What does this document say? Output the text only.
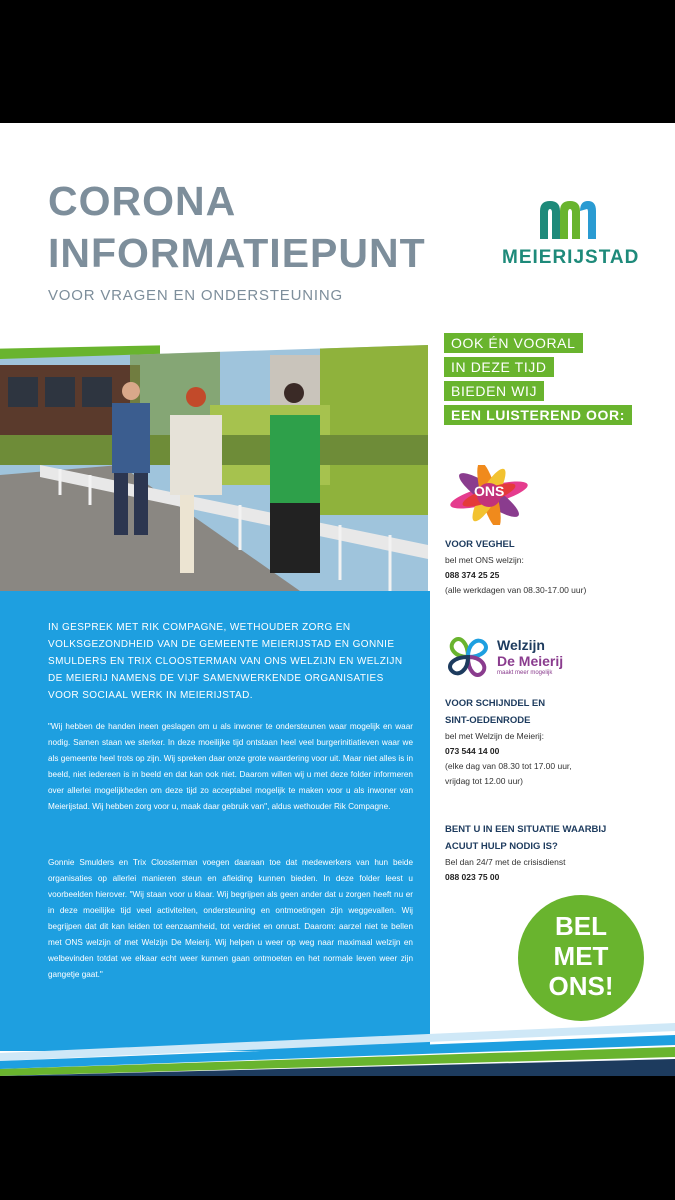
CORONA
INFORMATIEPUNT
VOOR VRAGEN EN ONDERSTEUNING
MEIERIJSTAD
IN GESPREK MET RIK COMPAGNE, WETHOUDER ZORG EN VOLKSGEZONDHEID VAN DE GEMEENTE MEIERIJSTAD EN GONNIE SMULDERS EN TRIX CLOOSTERMAN VAN ONS WELZIJN EN WELZIJN DE MEIERIJ NAMENS DE VIJF SAMENWERKENDE ORGANISATIES VOOR SOCIAAL WERK IN MEIERIJSTAD.

"Wij hebben de handen ineen geslagen om u als inwoner te ondersteunen waar mogelijk en waar nodig. Samen staan we sterker. In deze moeilijke tijd ontstaan heel veel burgerinitiatieven waar we als gemeente heel trots op zijn. Wij spreken daar onze grote waardering voor uit. Maar niet alles is in beeld, niet iedereen is in beeld en dat kan ook niet. Daarom willen wij u met deze folder informeren over allerlei mogelijkheden om deze tijd zo acceptabel mogelijk te maken voor u als inwoner van Meierijstad. Wij hebben zorg voor u, maak daar gebruik van", aldus wethouder Rik Compagne.

Gonnie Smulders en Trix Cloosterman voegen daaraan toe dat medewerkers van hun beide organisaties op allerlei manieren steun en afleiding kunnen bieden. In deze folder leest u voorbeelden hierover. "Wij staan voor u klaar. Wij begrijpen als geen ander dat u zorgen heeft nu er in deze moeilijke tijd veel activiteiten, ondersteuning en ontmoetingen zijn weggevallen. Wij begrijpen dat dit kan leiden tot eenzaamheid, tot verdriet en onrust. Daarom: aarzel niet te bellen met ONS welzijn of met Welzijn De Meierij. Wij helpen u weer op weg naar maximaal welzijn en welbevinden totdat we elkaar echt weer kunnen gaan ontmoeten en het normale leven weer zijn gangetje gaat."

OOK ÉN VOORAL
IN DEZE TIJD
BIEDEN WIJ
EEN LUISTEREND OOR:
ONS
VOOR VEGHEL
bel met ONS welzijn:
088 374 25 25
(alle werkdagen van 08.30-17.00 uur)
Welzijn
De Meierij
maakt meer mogelijk
VOOR SCHIJNDEL EN
SINT-OEDENRODE
bel met Welzijn de Meierij:
073 544 14 00
(elke dag van 08.30 tot 17.00 uur,
vrijdag tot 12.00 uur)
BENT U IN EEN SITUATIE WAARBIJ
ACUUT HULP NODIG IS?
Bel dan 24/7 met de crisisdienst
088 023 75 00
BEL
MET
ONS!
